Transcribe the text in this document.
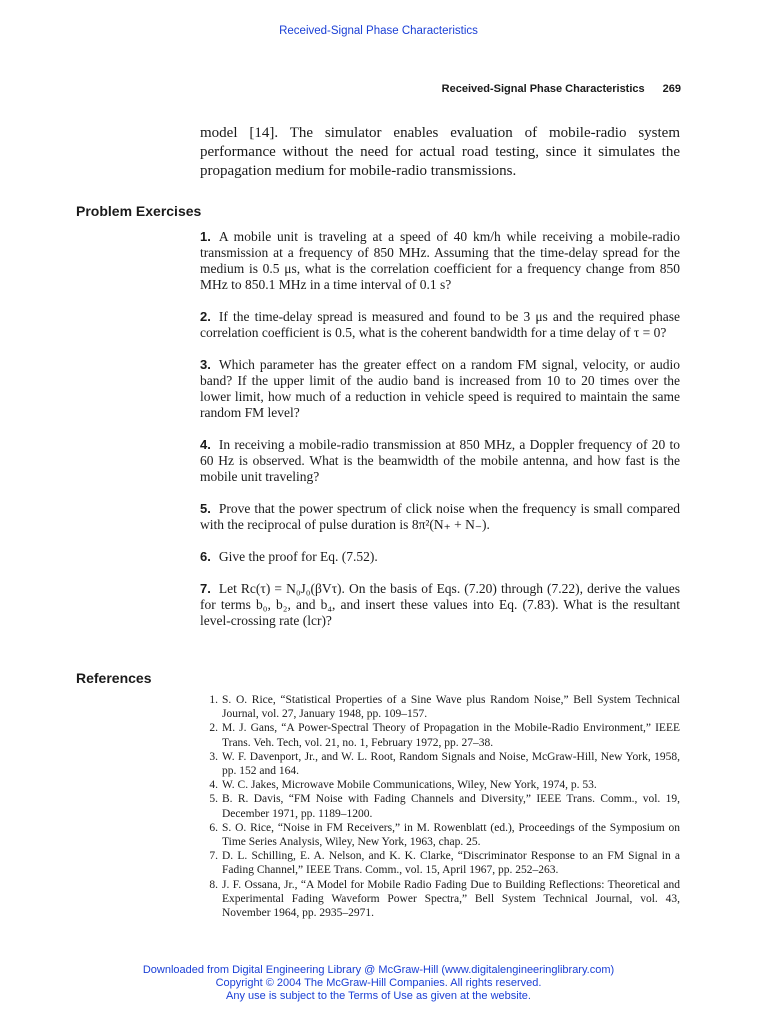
Received-Signal Phase Characteristics
Received-Signal Phase Characteristics 269

model [14]. The simulator enables evaluation of mobile-radio system performance without the need for actual road testing, since it simulates the propagation medium for mobile-radio transmissions.

Problem Exercises

1. A mobile unit is traveling at a speed of 40 km/h while receiving a mobile-radio transmission at a frequency of 850 MHz. Assuming that the time-delay spread for the medium is 0.5 μs, what is the correlation coefficient for a frequency change from 850 MHz to 850.1 MHz in a time interval of 0.1 s?

2. If the time-delay spread is measured and found to be 3 μs and the required phase correlation coefficient is 0.5, what is the coherent bandwidth for a time delay of τ = 0?

3. Which parameter has the greater effect on a random FM signal, velocity, or audio band? If the upper limit of the audio band is increased from 10 to 20 times over the lower limit, how much of a reduction in vehicle speed is required to maintain the same random FM level?

4. In receiving a mobile-radio transmission at 850 MHz, a Doppler frequency of 20 to 60 Hz is observed. What is the beamwidth of the mobile antenna, and how fast is the mobile unit traveling?

5. Prove that the power spectrum of click noise when the frequency is small compared with the reciprocal of pulse duration is 8π²(N₊ + N₋).

6. Give the proof for Eq. (7.52).

7. Let Rc(τ) = N₀J₀(βVτ). On the basis of Eqs. (7.20) through (7.22), derive the values for terms b₀, b₂, and b₄, and insert these values into Eq. (7.83). What is the resultant level-crossing rate (lcr)?

References
1. S. O. Rice, “Statistical Properties of a Sine Wave plus Random Noise,” Bell System Technical Journal, vol. 27, January 1948, pp. 109–157.
2. M. J. Gans, “A Power-Spectral Theory of Propagation in the Mobile-Radio Environment,” IEEE Trans. Veh. Tech, vol. 21, no. 1, February 1972, pp. 27–38.
3. W. F. Davenport, Jr., and W. L. Root, Random Signals and Noise, McGraw-Hill, New York, 1958, pp. 152 and 164.
4. W. C. Jakes, Microwave Mobile Communications, Wiley, New York, 1974, p. 53.
5. B. R. Davis, “FM Noise with Fading Channels and Diversity,” IEEE Trans. Comm., vol. 19, December 1971, pp. 1189–1200.
6. S. O. Rice, “Noise in FM Receivers,” in M. Rowenblatt (ed.), Proceedings of the Symposium on Time Series Analysis, Wiley, New York, 1963, chap. 25.
7. D. L. Schilling, E. A. Nelson, and K. K. Clarke, “Discriminator Response to an FM Signal in a Fading Channel,” IEEE Trans. Comm., vol. 15, April 1967, pp. 252–263.
8. J. F. Ossana, Jr., “A Model for Mobile Radio Fading Due to Building Reflections: Theoretical and Experimental Fading Waveform Power Spectra,” Bell System Technical Journal, vol. 43, November 1964, pp. 2935–2971.
Downloaded from Digital Engineering Library @ McGraw-Hill (www.digitalengineeringlibrary.com)
Copyright © 2004 The McGraw-Hill Companies. All rights reserved.
Any use is subject to the Terms of Use as given at the website.
